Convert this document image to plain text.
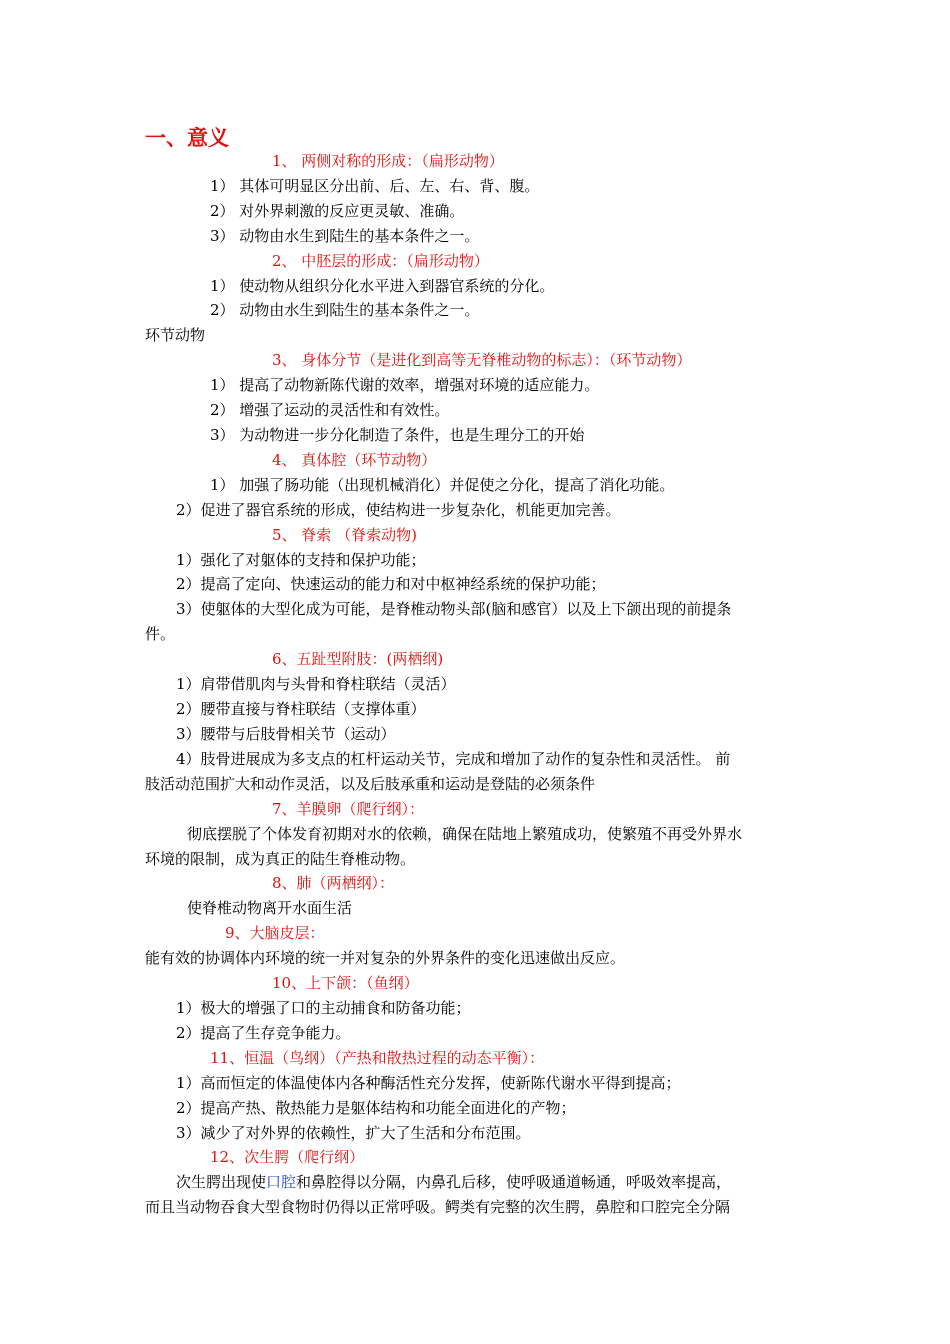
一、意义
1、 两侧对称的形成：（扁形动物）
1） 其体可明显区分出前、后、左、右、背、腹。
2） 对外界刺激的反应更灵敏、准确。
3） 动物由水生到陆生的基本条件之一。
2、 中胚层的形成：（扁形动物）
1） 使动物从组织分化水平进入到器官系统的分化。
2） 动物由水生到陆生的基本条件之一。
环节动物
3、 身体分节（是进化到高等无脊椎动物的标志）：（环节动物）
1） 提高了动物新陈代谢的效率，增强对环境的适应能力。
2） 增强了运动的灵活性和有效性。
3） 为动物进一步分化制造了条件，也是生理分工的开始
4、 真体腔（环节动物）
1） 加强了肠功能（出现机械消化）并促使之分化，提高了消化功能。
2）促进了器官系统的形成，使结构进一步复杂化，机能更加完善。
5、 脊索 （脊索动物)
1）强化了对躯体的支持和保护功能；
2）提高了定向、快速运动的能力和对中枢神经系统的保护功能；
3）使躯体的大型化成为可能，是脊椎动物头部(脑和感官）以及上下颌出现的前提条
件。
6、五趾型附肢：(两栖纲)
1）肩带借肌肉与头骨和脊柱联结（灵活）
2）腰带直接与脊柱联结（支撑体重）
3）腰带与后肢骨相关节（运动）
4）肢骨进展成为多支点的杠杆运动关节，完成和增加了动作的复杂性和灵活性。 前
肢活动范围扩大和动作灵活，以及后肢承重和运动是登陆的必须条件
7、羊膜卵（爬行纲）：
彻底摆脱了个体发育初期对水的依赖，确保在陆地上繁殖成功，使繁殖不再受外界水
环境的限制，成为真正的陆生脊椎动物。
8、肺（两栖纲）：
使脊椎动物离开水面生活
9、大脑皮层：
能有效的协调体内环境的统一并对复杂的外界条件的变化迅速做出反应。
10、上下颌：（鱼纲）
1）极大的增强了口的主动捕食和防备功能；
2）提高了生存竞争能力。
11、恒温（鸟纲）（产热和散热过程的动态平衡）：
1）高而恒定的体温使体内各种酶活性充分发挥，使新陈代谢水平得到提高；
2）提高产热、散热能力是躯体结构和功能全面进化的产物；
3）减少了对外界的依赖性，扩大了生活和分布范围。
12、次生腭（爬行纲）
次生腭出现使口腔和鼻腔得以分隔，内鼻孔后移，使呼吸通道畅通，呼吸效率提高，
而且当动物吞食大型食物时仍得以正常呼吸。鳄类有完整的次生腭，鼻腔和口腔完全分隔
